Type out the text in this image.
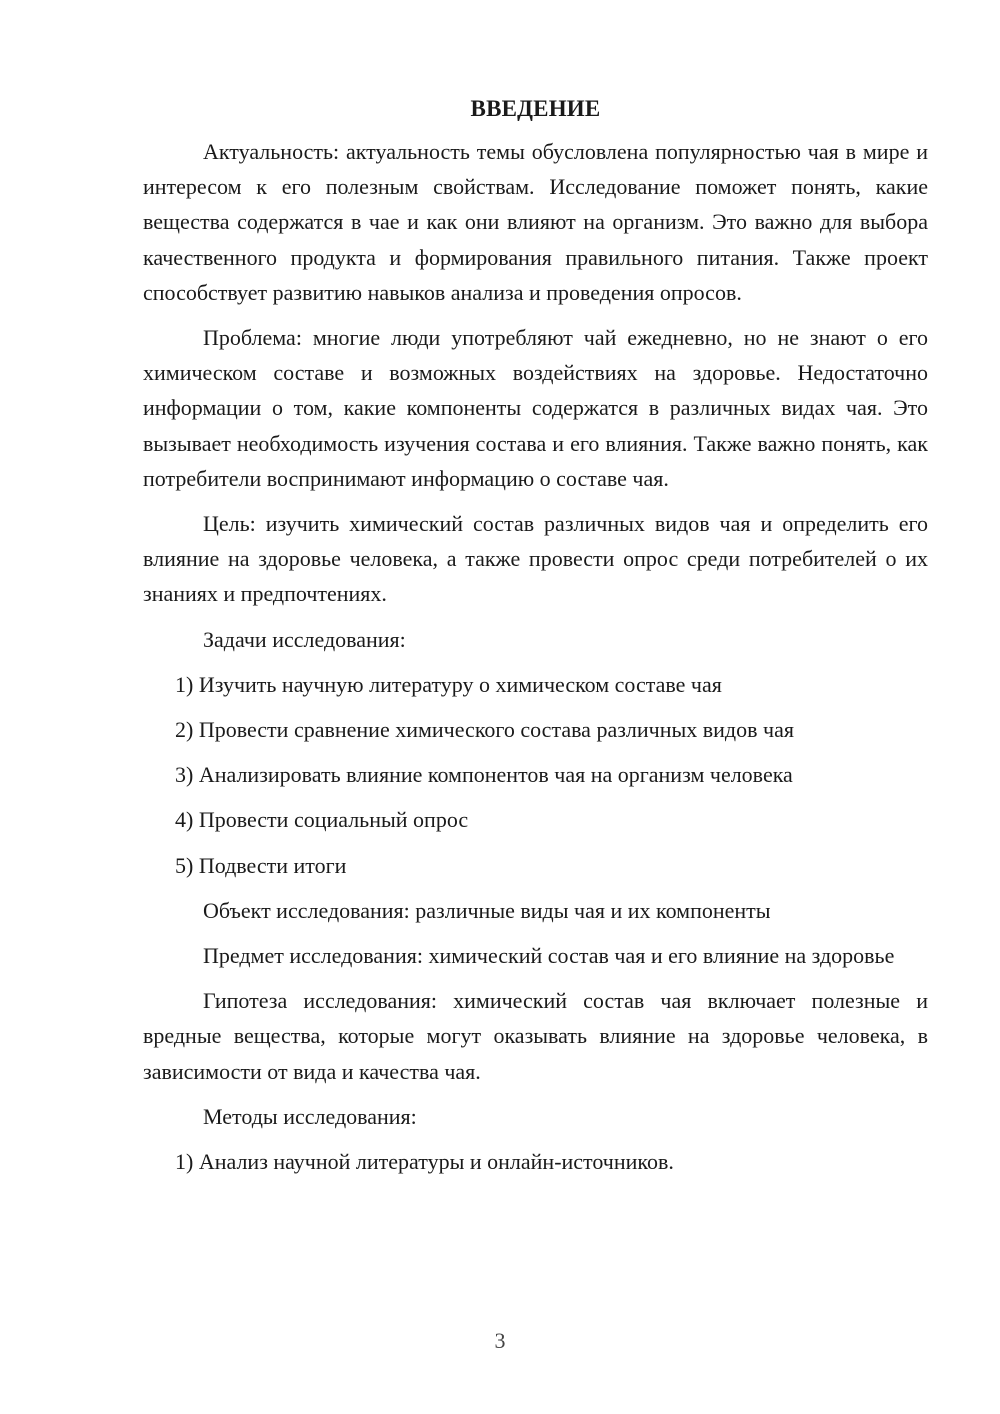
ВВЕДЕНИЕ

Актуальность: актуальность темы обусловлена популярностью чая в мире и интересом к его полезным свойствам. Исследование поможет понять, какие вещества содержатся в чае и как они влияют на организм. Это важно для выбора качественного продукта и формирования правильного питания. Также проект способствует развитию навыков анализа и проведения опросов.

Проблема: многие люди употребляют чай ежедневно, но не знают о его химическом составе и возможных воздействиях на здоровье. Недостаточно информации о том, какие компоненты содержатся в различных видах чая. Это вызывает необходимость изучения состава и его влияния. Также важно понять, как потребители воспринимают информацию о составе чая.

Цель: изучить химический состав различных видов чая и определить его влияние на здоровье человека, а также провести опрос среди потребителей о их знаниях и предпочтениях.

Задачи исследования:
1) Изучить научную литературу о химическом составе чая
2) Провести сравнение химического состава различных видов чая
3) Анализировать влияние компонентов чая на организм человека
4) Провести социальный опрос
5) Подвести итоги

Объект исследования: различные виды чая и их компоненты

Предмет исследования: химический состав чая и его влияние на здоровье

Гипотеза исследования: химический состав чая включает полезные и вредные вещества, которые могут оказывать влияние на здоровье человека, в зависимости от вида и качества чая.

Методы исследования:
1) Анализ научной литературы и онлайн-источников.
3
